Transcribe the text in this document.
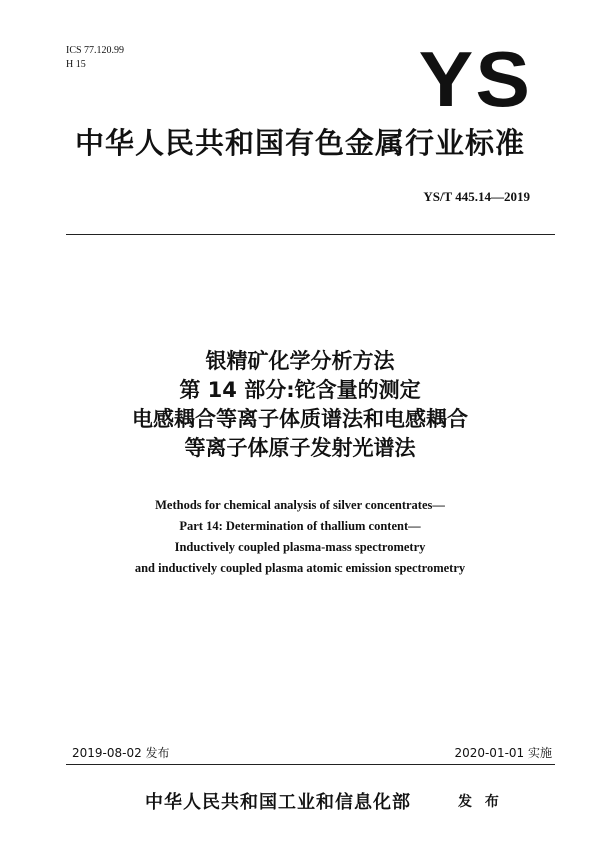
ICS 77.120.99
H 15	YS
中华人民共和国有色金属行业标准
YS/T 445.14—2019
银精矿化学分析方法
第 14 部分:铊含量的测定
电感耦合等离子体质谱法和电感耦合
等离子体原子发射光谱法
Methods for chemical analysis of silver concentrates—
Part 14: Determination of thallium content—
Inductively coupled plasma-mass spectrometry
and inductively coupled plasma atomic emission spectrometry
2019-08-02 发布	2020-01-01 实施
中华人民共和国工业和信息化部	发 布
